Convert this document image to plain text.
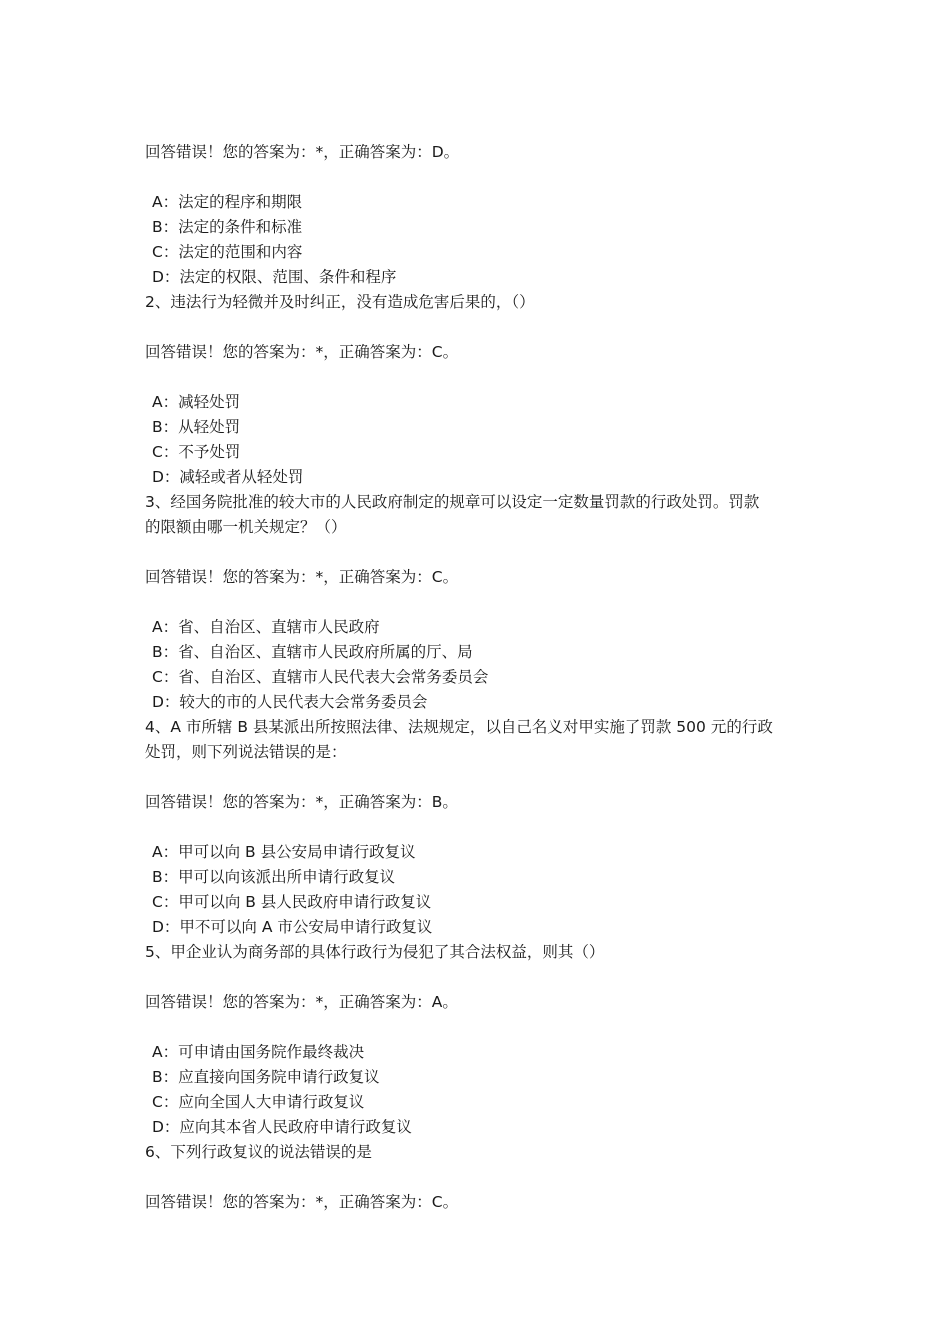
回答错误！您的答案为：*，正确答案为：D。
A：法定的程序和期限
B：法定的条件和标准
C：法定的范围和内容
D：法定的权限、范围、条件和程序
2、违法行为轻微并及时纠正，没有造成危害后果的，（）
回答错误！您的答案为：*，正确答案为：C。
A：减轻处罚
B：从轻处罚
C：不予处罚
D：减轻或者从轻处罚
3、经国务院批准的较大市的人民政府制定的规章可以设定一定数量罚款的行政处罚。罚款
的限额由哪一机关规定？（）
回答错误！您的答案为：*，正确答案为：C。
A：省、自治区、直辖市人民政府
B：省、自治区、直辖市人民政府所属的厅、局
C：省、自治区、直辖市人民代表大会常务委员会
D：较大的市的人民代表大会常务委员会
4、A 市所辖 B 县某派出所按照法律、法规规定，以自己名义对甲实施了罚款 500 元的行政
处罚，则下列说法错误的是：
回答错误！您的答案为：*，正确答案为：B。
A：甲可以向 B 县公安局申请行政复议
B：甲可以向该派出所申请行政复议
C：甲可以向 B 县人民政府申请行政复议
D：甲不可以向 A 市公安局申请行政复议
5、甲企业认为商务部的具体行政行为侵犯了其合法权益，则其（）
回答错误！您的答案为：*，正确答案为：A。
A：可申请由国务院作最终裁决
B：应直接向国务院申请行政复议
C：应向全国人大申请行政复议
D：应向其本省人民政府申请行政复议
6、下列行政复议的说法错误的是
回答错误！您的答案为：*，正确答案为：C。
